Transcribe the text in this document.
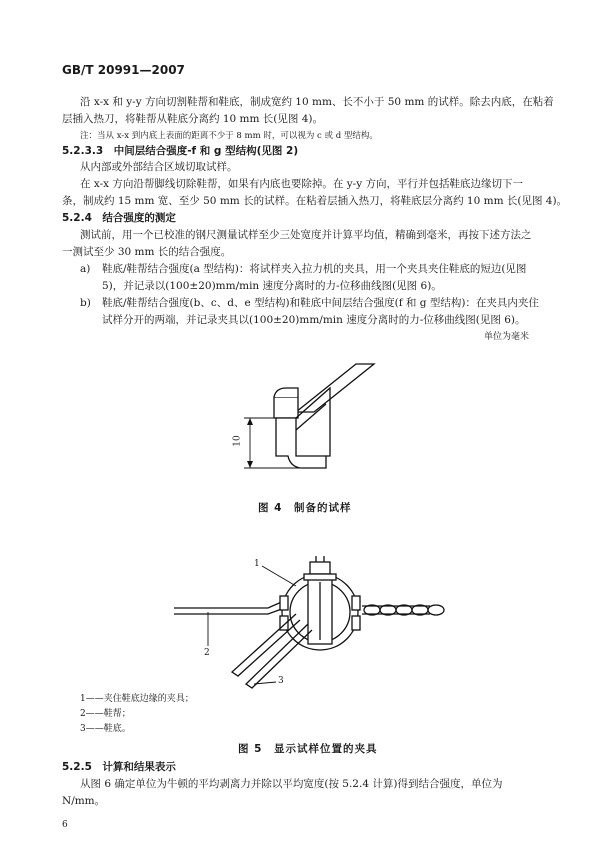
GB/T 20991—2007
沿 x-x 和 y-y 方向切割鞋帮和鞋底，制成宽约 10 mm、长不小于 50 mm 的试样。除去内底，在粘着
层插入热刀，将鞋帮从鞋底分离约 10 mm 长(见图 4)。
注：当从 x-x 到内底上表面的距离不少于 8 mm 时，可以视为 c 或 d 型结构。
5.2.3.3　中间层结合强度-f 和 g 型结构(见图 2)
从内部或外部结合区域切取试样。
在 x-x 方向沿帮脚线切除鞋帮，如果有内底也要除掉。在 y-y 方向，平行并包括鞋底边缘切下一
条，制成约 15 mm 宽、至少 50 mm 长的试样。在粘着层插入热刀，将鞋底层分离约 10 mm 长(见图 4)。
5.2.4　结合强度的测定
测试前，用一个已校准的钢尺测量试样至少三处宽度并计算平均值，精确到毫米，再按下述方法之
一测试至少 30 mm 长的结合强度。
a) 鞋底/鞋帮结合强度(a 型结构)：将试样夹入拉力机的夹具，用一个夹具夹住鞋底的短边(见图
5)，并记录以(100±20)mm/min 速度分离时的力-位移曲线图(见图 6)。
b) 鞋底/鞋帮结合强度(b、c、d、e 型结构)和鞋底中间层结合强度(f 和 g 型结构)：在夹具内夹住
试样分开的两端，并记录夹具以(100±20)mm/min 速度分离时的力-位移曲线图(见图 6)。
单位为毫米
10
图 4　制备的试样
1
2
3
1——夹住鞋底边缘的夹具；
2——鞋帮；
3——鞋底。
图 5　显示试样位置的夹具
5.2.5　计算和结果表示
从图 6 确定单位为牛顿的平均剥离力并除以平均宽度(按 5.2.4 计算)得到结合强度，单位为
N/mm。
6
